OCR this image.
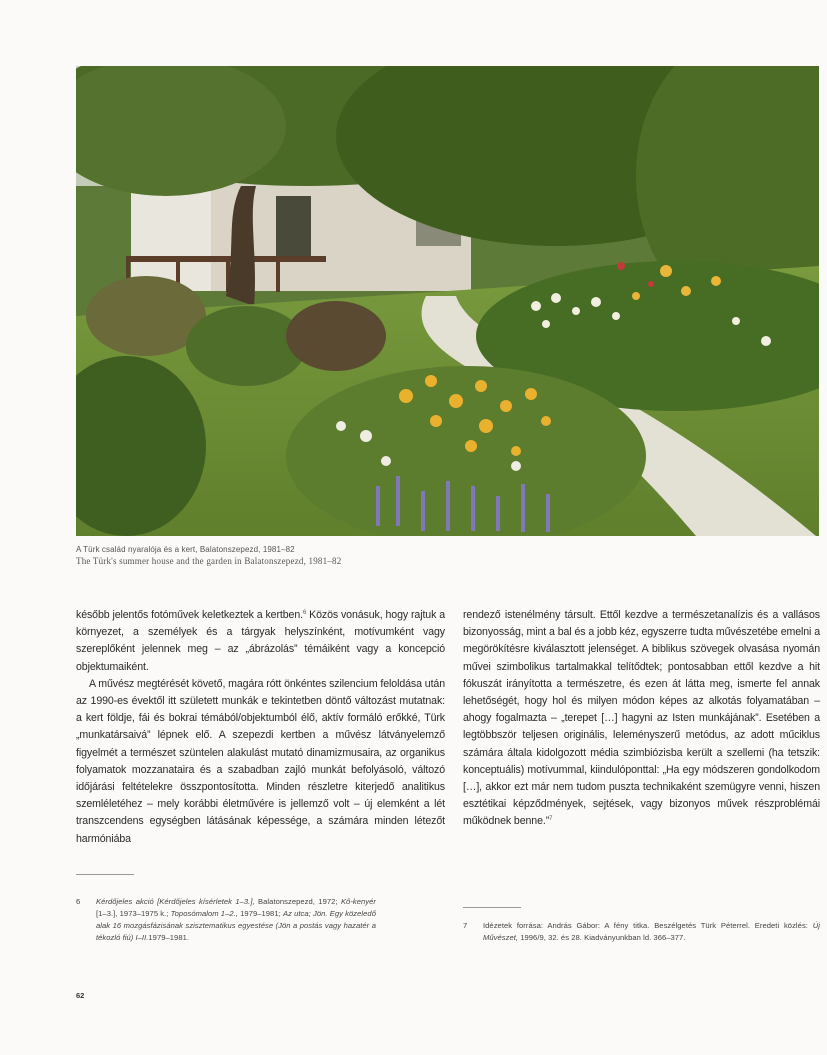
A Türk család nyaralója és a kert, Balatonszepezd, 1981–82
The Türk's summer house and the garden in Balatonszepezd, 1981–82

később jelentős fotóművek keletkeztek a kertben.$^6$ Közös vonásuk, hogy rajtuk a környezet, a személyek és a tárgyak helyszínként, motívumként vagy szereplőként jelennek meg – az „ábrázolás” témáiként vagy a koncepció objektumaiként.

A művész megtérését követő, magára rótt önkéntes szilencium feloldása után az 1990-es évektől itt született munkák e tekintetben döntő változást mutatnak: a kert földje, fái és bokrai témából/objektumból élő, aktív formáló erőkké, Türk „munkatársaivá” lépnek elő. A szepezdi kertben a művész látványelemző figyelmét a természet szüntelen alakulást mutató dinamizmusaira, az organikus folyamatok mozzanataira és a szabadban zajló munkát befolyásoló, változó időjárási feltételekre összpontosította. Minden részletre kiterjedő analitikus szemléletéhez – mely korábbi életművére is jellemző volt – új elemként a lét transzcendens egységben látásának képessége, a számára minden létezőt harmóniába

rendező istenélmény társult. Ettől kezdve a természetanalízis és a vallásos bizonyosság, mint a bal és a jobb kéz, egyszerre tudta művészetébe emelni a megörökítésre kiválasztott jelenséget. A biblikus szövegek olvasása nyomán művei szimbolikus tartalmakkal telítődtek; pontosabban ettől kezdve a hit fókuszát irányította a természetre, és ezen át látta meg, ismerte fel annak lehetőségét, hogy hol és milyen módon képes az alkotás folyamatában – ahogy fogalmazta – „terepet […] hagyni az Isten munkájának”. Esetében a legtöbbször teljesen originális, leleményszerű metódus, az adott műciklus számára általa kidolgozott média szimbiózisba került a szellemi (ha tetszik: konceptuális) motívummal, kiindulóponttal: „Ha egy módszeren gondolkodom […], akkor ezt már nem tudom puszta technikaként szemügyre venni, hiszen esztétikai képződmények, sejtések, vagy bizonyos művek részproblémái működnek benne.”$^7$

6	Kérdőjeles akció [Kérdőjeles kísérletek 1–3.], Balatonszepezd, 1972; Kő-kenyér [1–3.], 1973–1975 k.; Toposómalom 1–2., 1979–1981; Az utca; Jön. Egy közeledő alak 16 mozgásfázisának szisztematikus egyestése (Jön a postás vagy hazatér a tékozló fiú) I–II.1979–1981.
7	Idézetek forrása: András Gábor: A fény titka. Beszélgetés Türk Péterrel. Eredeti közlés: Új Művészet, 1996/9, 32. és 28. Kiadványunkban ld. 366–377.
62
